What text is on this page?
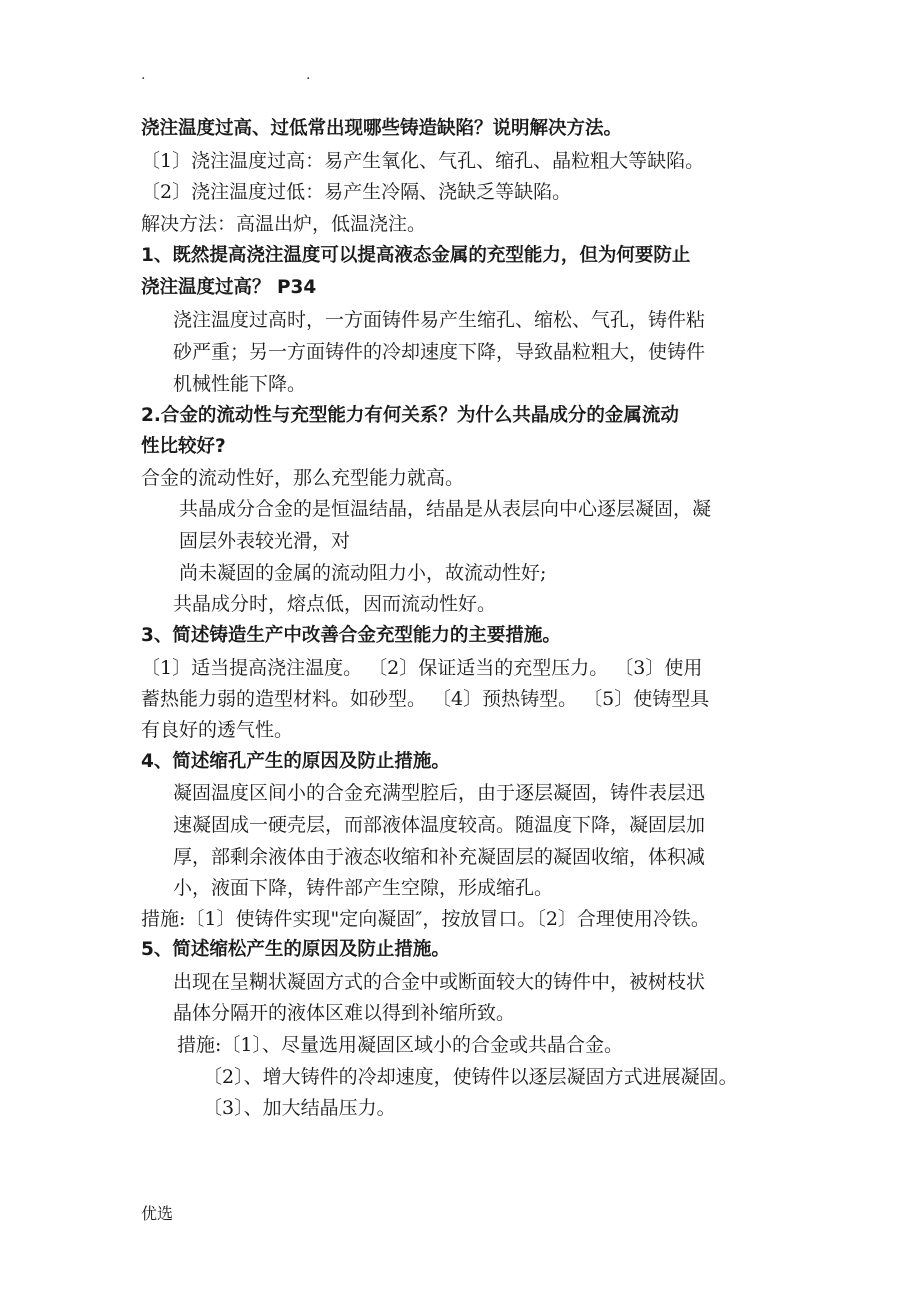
.	.
浇注温度过高、过低常出现哪些铸造缺陷？说明解决方法。
〔1〕浇注温度过高：易产生氧化、气孔、缩孔、晶粒粗大等缺陷。
〔2〕浇注温度过低：易产生冷隔、浇缺乏等缺陷。
解决方法：高温出炉，低温浇注。
1、既然提高浇注温度可以提高液态金属的充型能力，但为何要防止
浇注温度过高？ P34
浇注温度过高时，一方面铸件易产生缩孔、缩松、气孔，铸件粘
砂严重；另一方面铸件的冷却速度下降，导致晶粒粗大，使铸件
机械性能下降。
2.合金的流动性与充型能力有何关系？为什么共晶成分的金属流动
性比较好?
合金的流动性好，那么充型能力就高。
共晶成分合金的是恒温结晶，结晶是从表层向中心逐层凝固，凝
固层外表较光滑，对
尚未凝固的金属的流动阻力小，故流动性好;
共晶成分时，熔点低，因而流动性好。
3、简述铸造生产中改善合金充型能力的主要措施。
〔1〕适当提高浇注温度。 〔2〕保证适当的充型压力。 〔3〕使用
蓄热能力弱的造型材料。如砂型。 〔4〕预热铸型。 〔5〕使铸型具
有良好的透气性。
4、简述缩孔产生的原因及防止措施。
凝固温度区间小的合金充满型腔后，由于逐层凝固，铸件表层迅
速凝固成一硬壳层，而部液体温度较高。随温度下降，凝固层加
厚，部剩余液体由于液态收缩和补充凝固层的凝固收缩，体积减
小，液面下降，铸件部产生空隙，形成缩孔。
措施:〔1〕使铸件实现"定向凝固″，按放冒口。〔2〕合理使用冷铁。
5、简述缩松产生的原因及防止措施。
出现在呈糊状凝固方式的合金中或断面较大的铸件中，被树枝状
晶体分隔开的液体区难以得到补缩所致。
措施:〔1〕、尽量选用凝固区域小的合金或共晶合金。
〔2〕、增大铸件的冷却速度，使铸件以逐层凝固方式进展凝固。
〔3〕、加大结晶压力。
优选
